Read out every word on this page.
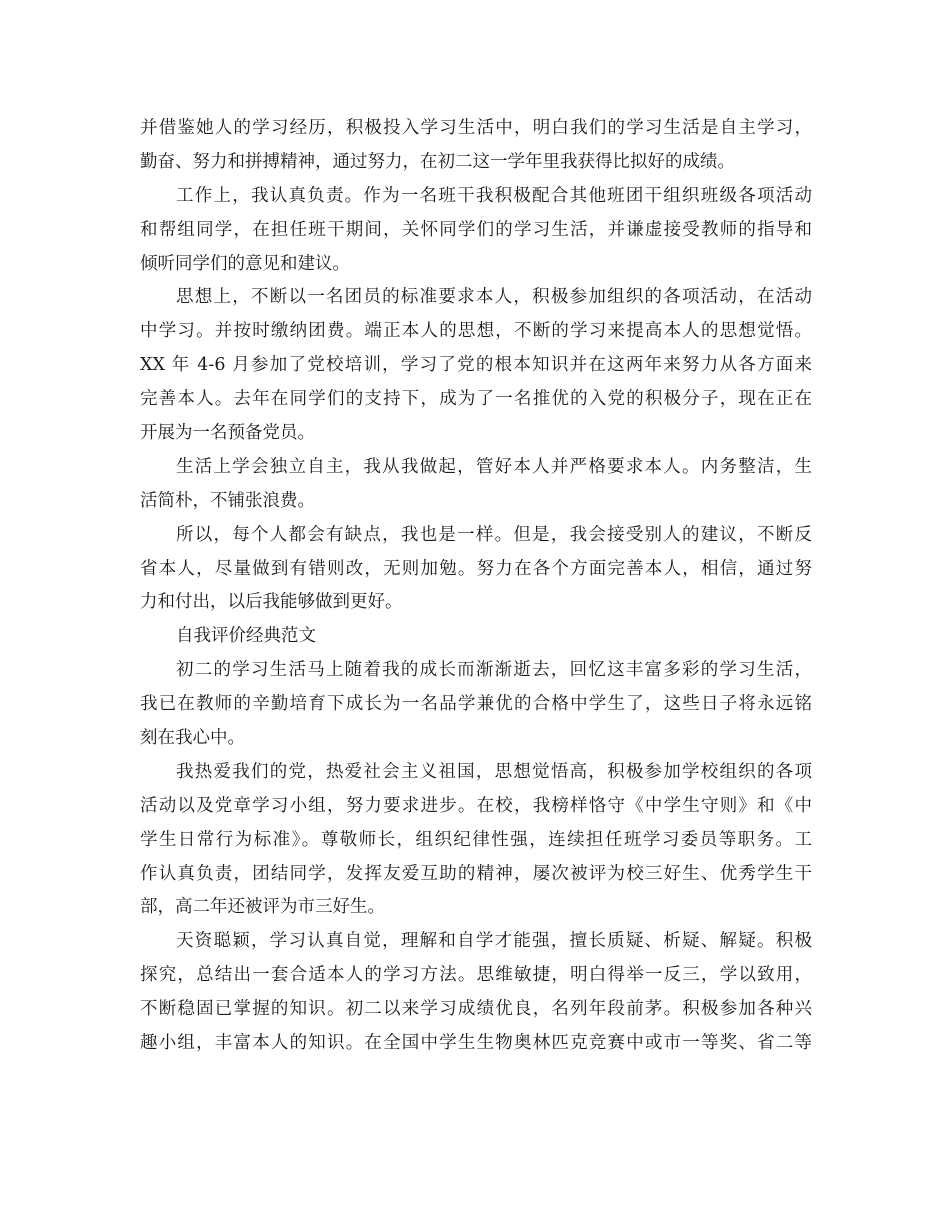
并借鉴她人的学习经历，积极投入学习生活中，明白我们的学习生活是自主学习，
勤奋、努力和拼搏精神，通过努力，在初二这一学年里我获得比拟好的成绩。
工作上，我认真负责。作为一名班干我积极配合其他班团干组织班级各项活动
和帮组同学，在担任班干期间，关怀同学们的学习生活，并谦虚接受教师的指导和
倾听同学们的意见和建议。
思想上，不断以一名团员的标准要求本人，积极参加组织的各项活动，在活动
中学习。并按时缴纳团费。端正本人的思想，不断的学习来提高本人的思想觉悟。
XX 年 4-6 月参加了党校培训，学习了党的根本知识并在这两年来努力从各方面来
完善本人。去年在同学们的支持下，成为了一名推优的入党的积极分子，现在正在
开展为一名预备党员。
生活上学会独立自主，我从我做起，管好本人并严格要求本人。内务整洁，生
活简朴，不铺张浪费。
所以，每个人都会有缺点，我也是一样。但是，我会接受别人的建议，不断反
省本人，尽量做到有错则改，无则加勉。努力在各个方面完善本人，相信，通过努
力和付出，以后我能够做到更好。
自我评价经典范文
初二的学习生活马上随着我的成长而渐渐逝去，回忆这丰富多彩的学习生活，
我已在教师的辛勤培育下成长为一名品学兼优的合格中学生了，这些日子将永远铭
刻在我心中。
我热爱我们的党，热爱社会主义祖国，思想觉悟高，积极参加学校组织的各项
活动以及党章学习小组，努力要求进步。在校，我榜样恪守《中学生守则》和《中
学生日常行为标准》。尊敬师长，组织纪律性强，连续担任班学习委员等职务。工
作认真负责，团结同学，发挥友爱互助的精神，屡次被评为校三好生、优秀学生干
部，高二年还被评为市三好生。
天资聪颖，学习认真自觉，理解和自学才能强，擅长质疑、析疑、解疑。积极
探究，总结出一套合适本人的学习方法。思维敏捷，明白得举一反三，学以致用，
不断稳固已掌握的知识。初二以来学习成绩优良，名列年段前茅。积极参加各种兴
趣小组，丰富本人的知识。在全国中学生生物奥林匹克竞赛中或市一等奖、省二等
